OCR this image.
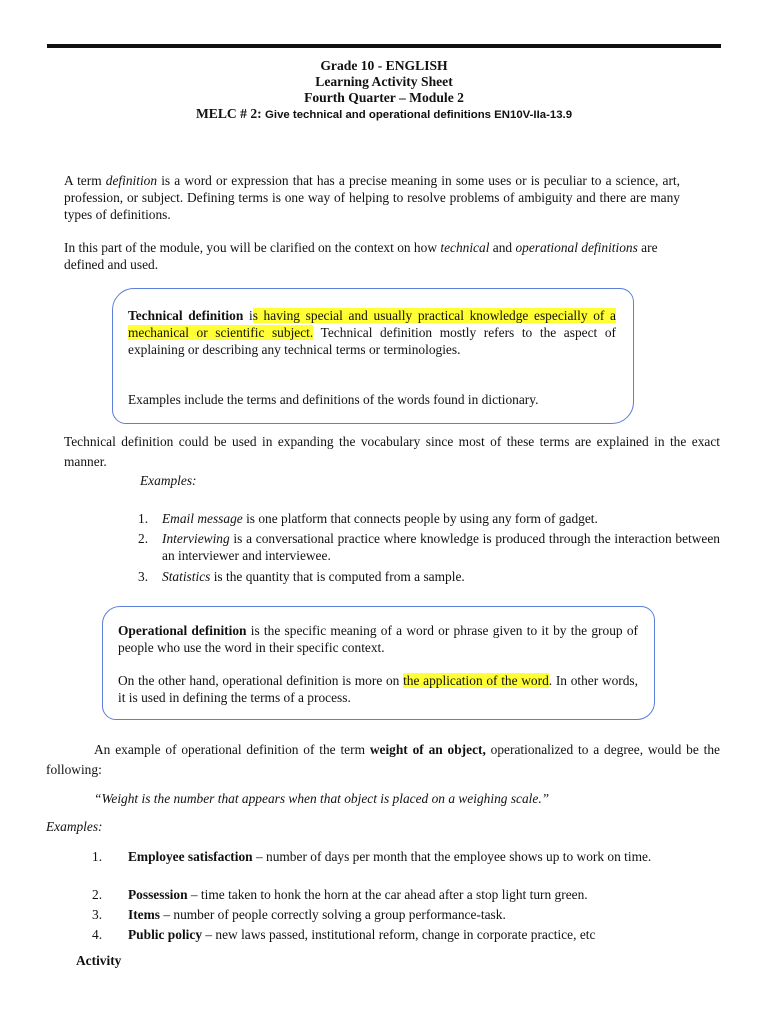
Grade 10 - ENGLISH
Learning Activity Sheet
Fourth Quarter – Module 2
MELC # 2: Give technical and operational definitions EN10V-IIa-13.9
A term definition is a word or expression that has a precise meaning in some uses or is peculiar to a science, art, profession, or subject. Defining terms is one way of helping to resolve problems of ambiguity and there are many types of definitions.
In this part of the module, you will be clarified on the context on how technical and operational definitions are defined and used.
Technical definition is having special and usually practical knowledge especially of a mechanical or scientific subject. Technical definition mostly refers to the aspect of explaining or describing any technical terms or terminologies.
Examples include the terms and definitions of the words found in dictionary.
Technical definition could be used in expanding the vocabulary since most of these terms are explained in the exact manner.
Examples:
1. Email message is one platform that connects people by using any form of gadget.
2. Interviewing is a conversational practice where knowledge is produced through the interaction between an interviewer and interviewee.
3. Statistics is the quantity that is computed from a sample.
Operational definition is the specific meaning of a word or phrase given to it by the group of people who use the word in their specific context.
On the other hand, operational definition is more on the application of the word. In other words, it is used in defining the terms of a process.
An example of operational definition of the term weight of an object, operationalized to a degree, would be the following:
“Weight is the number that appears when that object is placed on a weighing scale.”
Examples:
1. Employee satisfaction – number of days per month that the employee shows up to work on time.
2. Possession – time taken to honk the horn at the car ahead after a stop light turn green.
3. Items – number of people correctly solving a group performance-task.
4. Public policy – new laws passed, institutional reform, change in corporate practice, etc
Activity
